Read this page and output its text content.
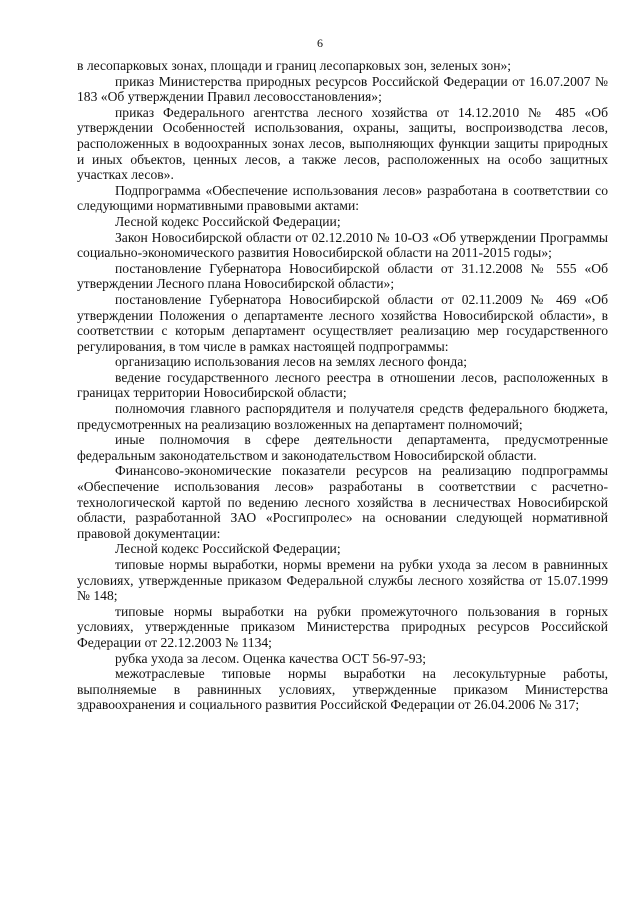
6

в лесопарковых зонах, площади и границ лесопарковых зон, зеленых зон»;

приказ Министерства природных ресурсов Российской Федерации от 16.07.2007 № 183 «Об утверждении Правил лесовосстановления»;

приказ Федерального агентства лесного хозяйства от 14.12.2010 № 485 «Об утверждении Особенностей использования, охраны, защиты, воспроизводства лесов, расположенных в водоохранных зонах лесов, выполняющих функции защиты природных и иных объектов, ценных лесов, а также лесов, расположенных на особо защитных участках лесов».

Подпрограмма «Обеспечение использования лесов» разработана в соответствии со следующими нормативными правовыми актами:

Лесной кодекс Российской Федерации;

Закон Новосибирской области от 02.12.2010 № 10-ОЗ «Об утверждении Программы социально-экономического развития Новосибирской области на 2011-2015 годы»;

постановление Губернатора Новосибирской области от 31.12.2008 № 555 «Об утверждении Лесного плана Новосибирской области»;

постановление Губернатора Новосибирской области от 02.11.2009 № 469 «Об утверждении Положения о департаменте лесного хозяйства Новосибирской области», в соответствии с которым департамент осуществляет реализацию мер государственного регулирования, в том числе в рамках настоящей подпрограммы:

организацию использования лесов на землях лесного фонда;

ведение государственного лесного реестра в отношении лесов, расположенных в границах территории Новосибирской области;

полномочия главного распорядителя и получателя средств федерального бюджета, предусмотренных на реализацию возложенных на департамент полномочий;

иные полномочия в сфере деятельности департамента, предусмотренные федеральным законодательством и законодательством Новосибирской области.

Финансово-экономические показатели ресурсов на реализацию подпрограммы «Обеспечение использования лесов» разработаны в соответствии с расчетно-технологической картой по ведению лесного хозяйства в лесничествах Новосибирской области, разработанной ЗАО «Росгипролес» на основании следующей нормативной правовой документации:

Лесной кодекс Российской Федерации;

типовые нормы выработки, нормы времени на рубки ухода за лесом в равнинных условиях, утвержденные приказом Федеральной службы лесного хозяйства от 15.07.1999 № 148;

типовые нормы выработки на рубки промежуточного пользования в горных условиях, утвержденные приказом Министерства природных ресурсов Российской Федерации от 22.12.2003 № 1134;

рубка ухода за лесом. Оценка качества ОСТ 56-97-93;

межотраслевые типовые нормы выработки на лесокультурные работы, выполняемые в равнинных условиях, утвержденные приказом Министерства здравоохранения и социального развития Российской Федерации от 26.04.2006 № 317;
